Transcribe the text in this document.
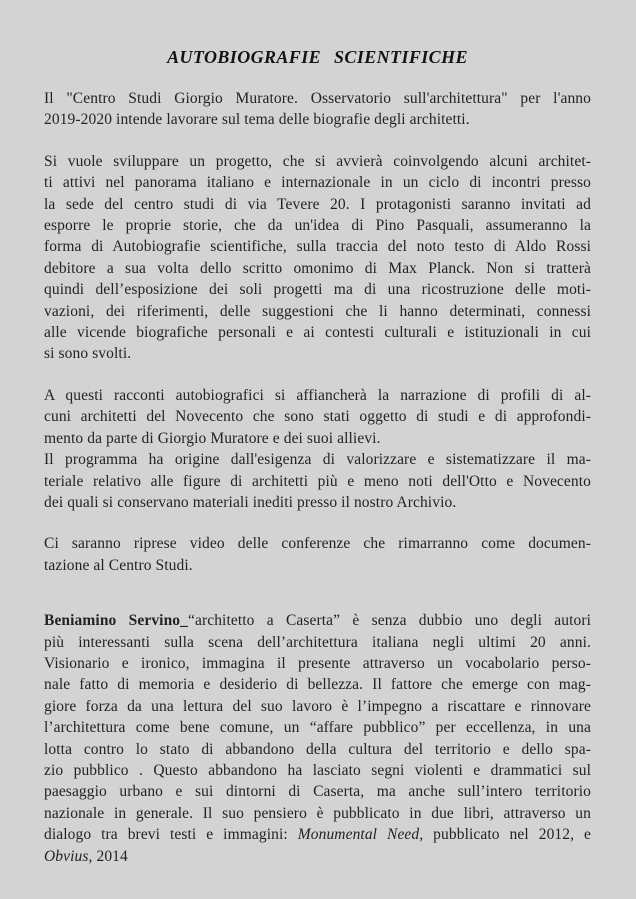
AUTOBIOGRAFIE SCIENTIFICHE
Il "Centro Studi Giorgio Muratore. Osservatorio sull'architettura" per l'anno
2019-2020 intende lavorare sul tema delle biografie degli architetti.
Si vuole sviluppare un progetto, che si avvierà coinvolgendo alcuni architet-
ti attivi nel panorama italiano e internazionale in un ciclo di incontri presso
la sede del centro studi di via Tevere 20. I protagonisti saranno invitati ad
esporre le proprie storie, che da un'idea di Pino Pasquali, assumeranno la
forma di Autobiografie scientifiche, sulla traccia del noto testo di Aldo Rossi
debitore a sua volta dello scritto omonimo di Max Planck. Non si tratterà
quindi dell’esposizione dei soli progetti ma di una ricostruzione delle moti-
vazioni, dei riferimenti, delle suggestioni che li hanno determinati, connessi
alle vicende biografiche personali e ai contesti culturali e istituzionali in cui
si sono svolti.
A questi racconti autobiografici si affiancherà la narrazione di profili di al-
cuni architetti del Novecento che sono stati oggetto di studi e di approfondi-
mento da parte di Giorgio Muratore e dei suoi allievi.
Il programma ha origine dall'esigenza di valorizzare e sistematizzare il ma-
teriale relativo alle figure di architetti più e meno noti dell'Otto e Novecento
dei quali si conservano materiali inediti presso il nostro Archivio.
Ci saranno riprese video delle conferenze che rimarranno come documen-
tazione al Centro Studi.
Beniamino Servino_“architetto a Caserta” è senza dubbio uno degli autori
più interessanti sulla scena dell’architettura italiana negli ultimi 20 anni.
Visionario e ironico, immagina il presente attraverso un vocabolario perso-
nale fatto di memoria e desiderio di bellezza. Il fattore che emerge con mag-
giore forza da una lettura del suo lavoro è l’impegno a riscattare e rinnovare
l’architettura come bene comune, un “affare pubblico” per eccellenza, in una
lotta contro lo stato di abbandono della cultura del territorio e dello spa-
zio pubblico . Questo abbandono ha lasciato segni violenti e drammatici sul
paesaggio urbano e sui dintorni di Caserta, ma anche sull’intero territorio
nazionale in generale. Il suo pensiero è pubblicato in due libri, attraverso un
dialogo tra brevi testi e immagini: Monumental Need, pubblicato nel 2012, e
Obvius, 2014
